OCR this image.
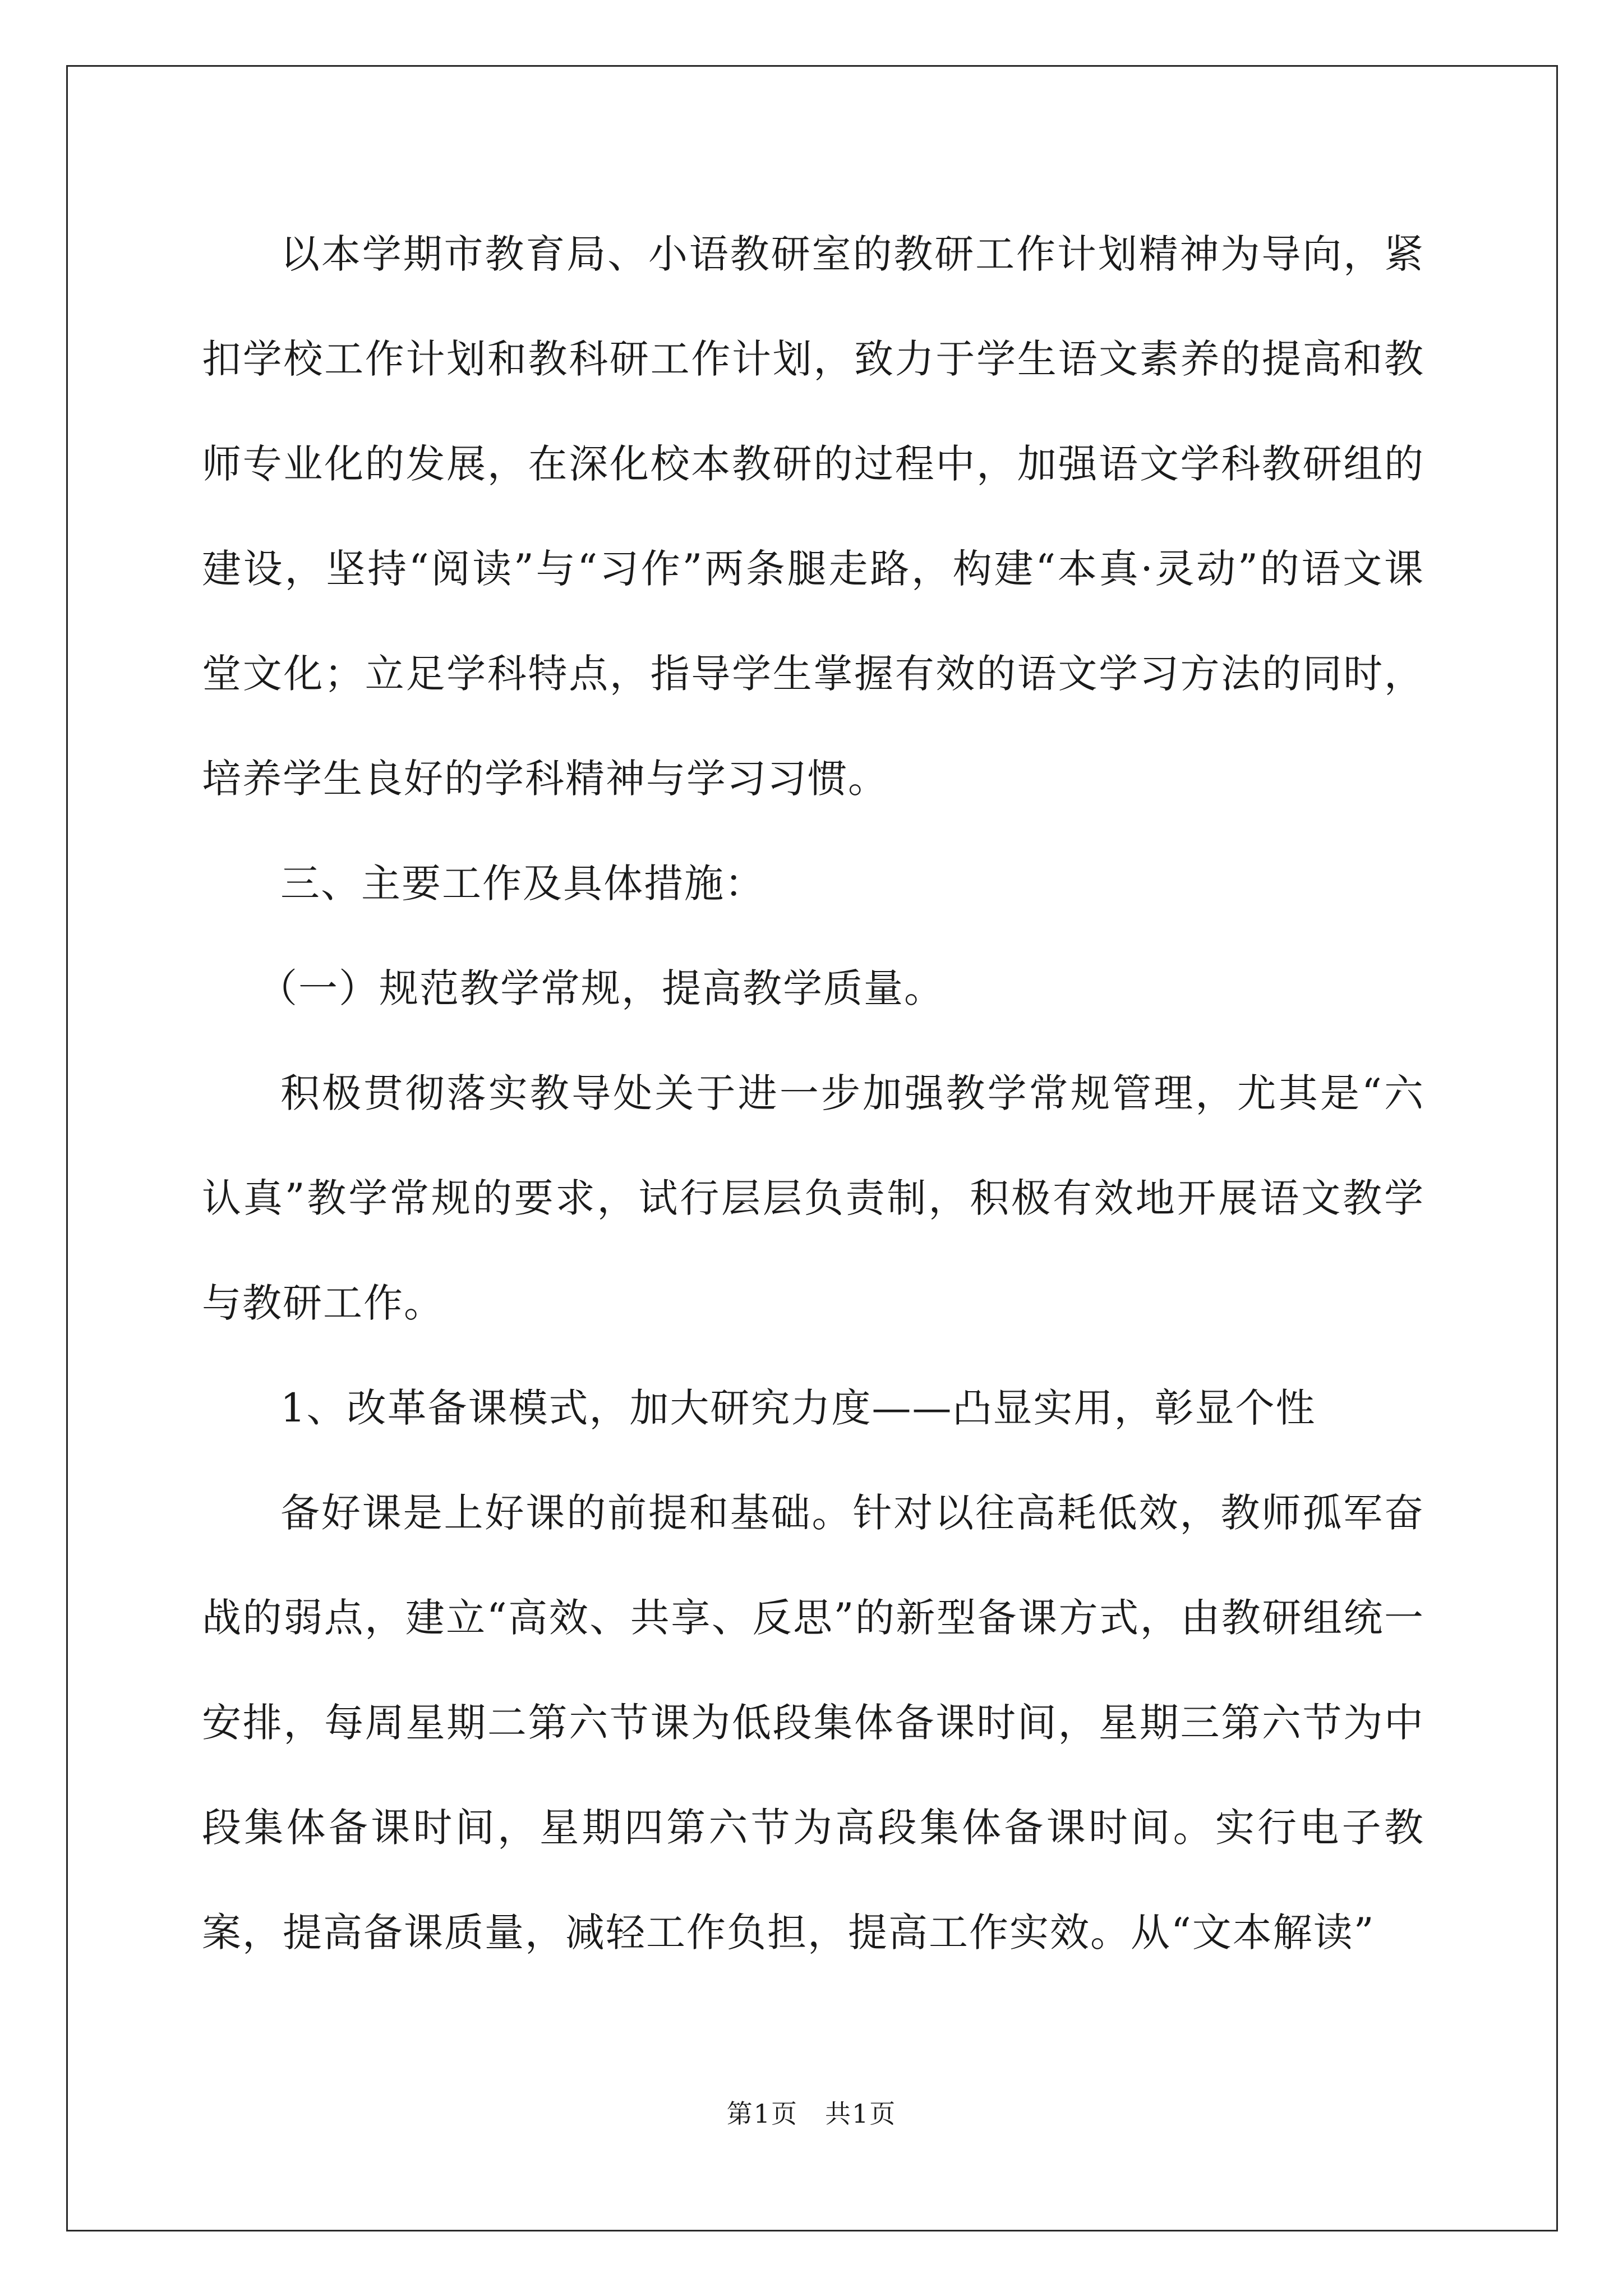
以本学期市教育局、小语教研室的教研工作计划精神为导向，紧扣学校工作计划和教科研工作计划，致力于学生语文素养的提高和教师专业化的发展，在深化校本教研的过程中，加强语文学科教研组的建设，坚持“阅读”与“习作”两条腿走路，构建“本真·灵动”的语文课堂文化；立足学科特点，指导学生掌握有效的语文学习方法的同时，培养学生良好的学科精神与学习习惯。

三、主要工作及具体措施：

（一）规范教学常规，提高教学质量。

积极贯彻落实教导处关于进一步加强教学常规管理，尤其是“六认真”教学常规的要求，试行层层负责制，积极有效地开展语文教学与教研工作。

1、改革备课模式，加大研究力度——凸显实用，彰显个性

备好课是上好课的前提和基础。针对以往高耗低效，教师孤军奋战的弱点，建立“高效、共享、反思”的新型备课方式，由教研组统一安排，每周星期二第六节课为低段集体备课时间，星期三第六节为中段集体备课时间，星期四第六节为高段集体备课时间。实行电子教案，提高备课质量，减轻工作负担，提高工作实效。从“文本解读”

第1页　共1页
